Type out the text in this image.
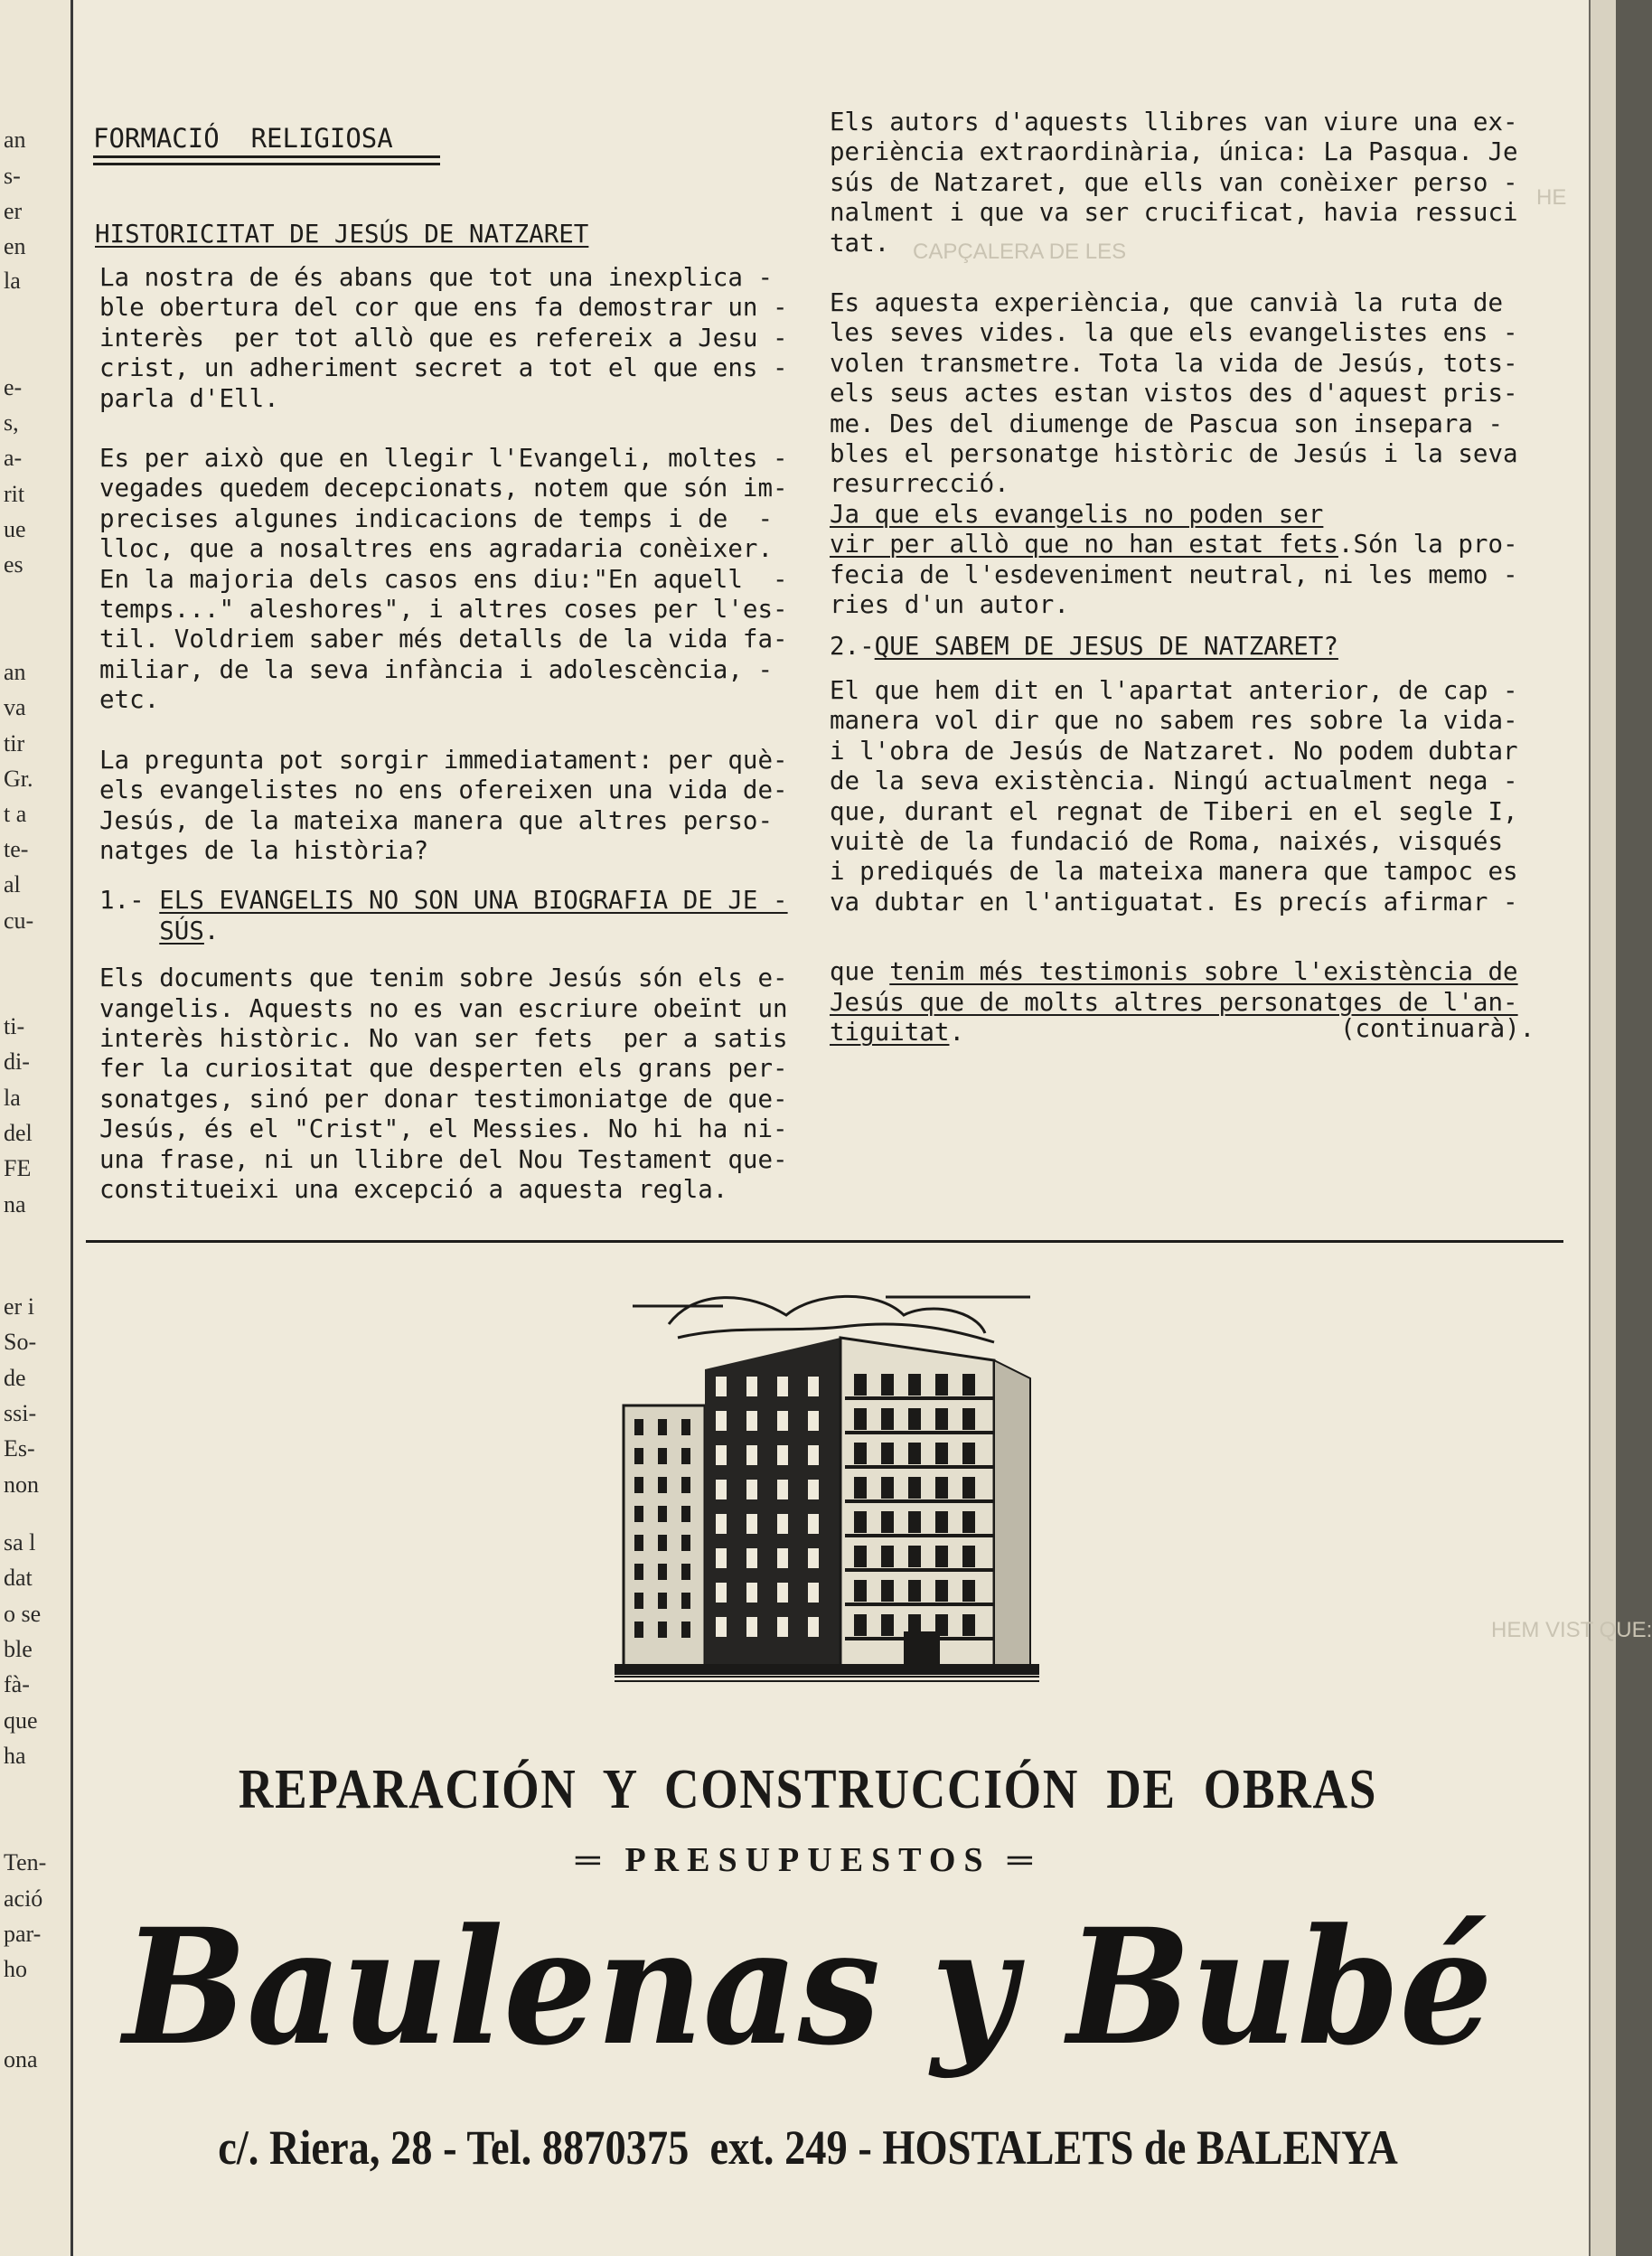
an
s-
er
en
la
e-
s,
a-
rit
ue
es
an
va
tir
Gr.
t a
te-
al
cu-
ti-
di-
la
del
FE
na
er i
So-
de
ssi-
Es-
non
sa l
dat
o se
ble
fà-
que
ha
Ten-
ació
par-
ho
ona
HE
CAPÇALERA DE LES
HEM VIST QUE:
FORMACIÓ  RELIGIOSA
HISTORICITAT DE JESÚS DE NATZARET

La nostra de és abans que tot una inexplica -

ble obertura del cor que ens fa demostrar un -

interès  per tot allò que es refereix a Jesu -

crist, un adheriment secret a tot el que ens -

parla d'Ell.

Es per això que en llegir l'Evangeli, moltes -

vegades quedem decepcionats, notem que són im-

precises algunes indicacions de temps i de  -

lloc, que a nosaltres ens agradaria conèixer.

En la majoria dels casos ens diu:"En aquell  -

temps..." aleshores", i altres coses per l'es-

til. Voldriem saber més detalls de la vida fa-

miliar, de la seva infància i adolescència, -

etc.

La pregunta pot sorgir immediatament: per què-

els evangelistes no ens ofereixen una vida de-

Jesús, de la mateixa manera que altres perso-

natges de la història?

1.- ELS EVANGELIS NO SON UNA BIOGRAFIA DE JE -

SÚS.

Els documents que tenim sobre Jesús són els e-

vangelis. Aquests no es van escriure obeïnt un

interès històric. No van ser fets  per a satis

fer la curiositat que desperten els grans per-

sonatges, sinó per donar testimoniatge de que-

Jesús, és el "Crist", el Messies. No hi ha ni-

una frase, ni un llibre del Nou Testament que-

constitueixi una excepció a aquesta regla.

Els autors d'aquests llibres van viure una ex-

periència extraordinària, única: La Pasqua. Je

sús de Natzaret, que ells van conèixer perso -

nalment i que va ser crucificat, havia ressuci

tat.

Es aquesta experiència, que canvià la ruta de

les seves vides. la que els evangelistes ens -

volen transmetre. Tota la vida de Jesús, tots-

els seus actes estan vistos des d'aquest pris-

me. Des del diumenge de Pascua son insepara -

bles el personatge històric de Jesús i la seva

resurrecció.

Ja que els evangelis no poden ser

vir per allò que no han estat fets.Són la pro-

fecia de l'esdeveniment neutral, ni les memo -

ries d'un autor.

2.-QUE SABEM DE JESUS DE NATZARET?

El que hem dit en l'apartat anterior, de cap -

manera vol dir que no sabem res sobre la vida-

i l'obra de Jesús de Natzaret. No podem dubtar

de la seva existència. Ningú actualment nega -

que, durant el regnat de Tiberi en el segle I,

vuitè de la fundació de Roma, naixés, visqués

i prediqués de la mateixa manera que tampoc es

va dubtar en l'antiguatat. Es precís afirmar -

que tenim més testimonis sobre l'existència de

Jesús que de molts altres personatges de l'an-

tiguitat.	(continuarà).

REPARACIÓN  Y  CONSTRUCCIÓN  DE  OBRAS
═ PRESUPUESTOS ═
Baulenas y Bubé
c/. Riera, 28 - Tel. 8870375  ext. 249 - HOSTALETS de BALENYA
